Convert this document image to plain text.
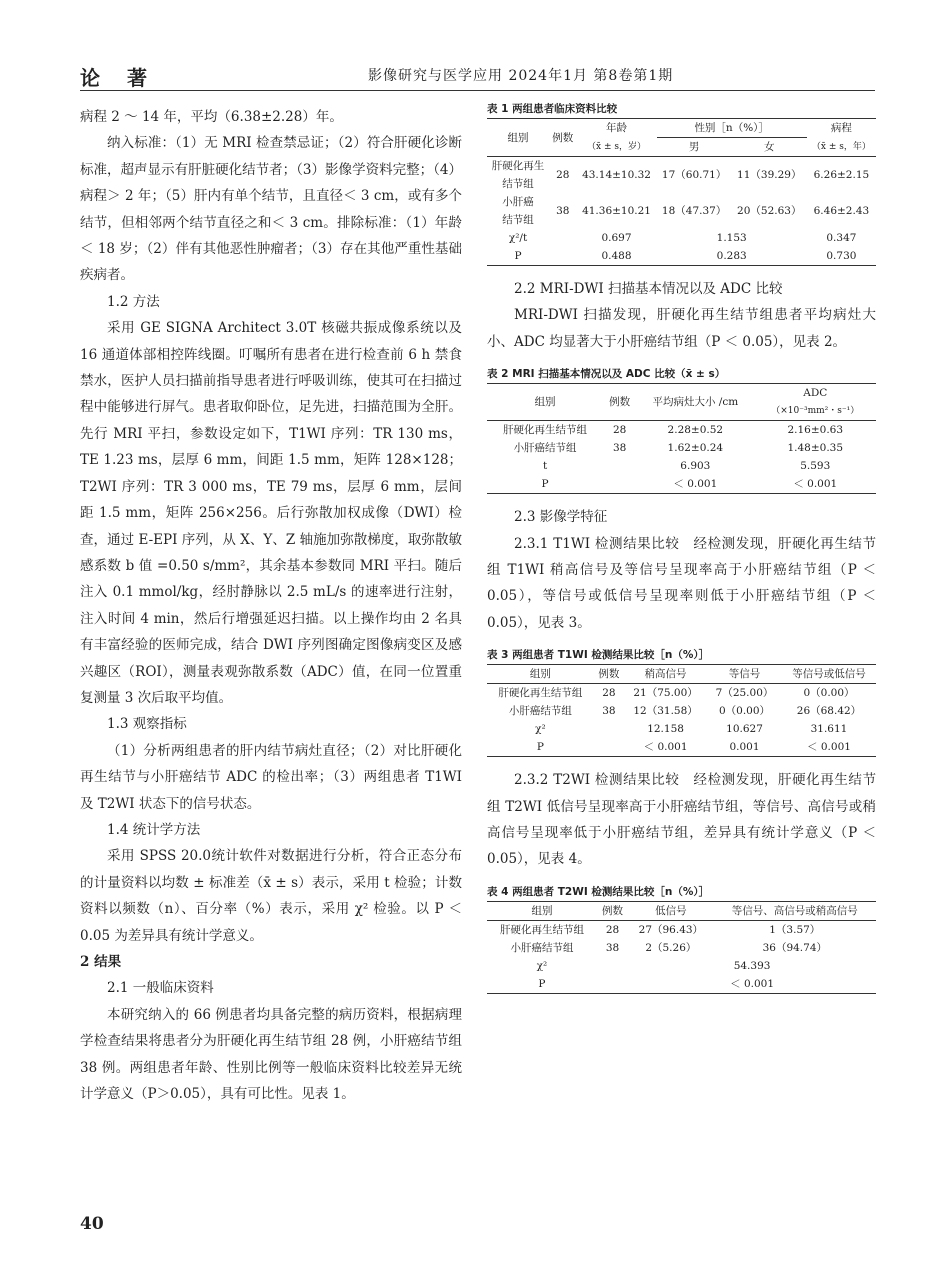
论 著	影像研究与医学应用 2024年1月 第8卷第1期

病程 2 ～ 14 年，平均（6.38±2.28）年。

纳入标准：（1）无 MRI 检查禁忌证；（2）符合肝硬化诊断标准，超声显示有肝脏硬化结节者；（3）影像学资料完整；（4）病程＞ 2 年；（5）肝内有单个结节，且直径＜ 3 cm，或有多个结节，但相邻两个结节直径之和＜ 3 cm。排除标准：（1）年龄＜ 18 岁；（2）伴有其他恶性肿瘤者；（3）存在其他严重性基础疾病者。

1.2 方法

采用 GE SIGNA Architect 3.0T 核磁共振成像系统以及 16 通道体部相控阵线圈。叮嘱所有患者在进行检查前 6 h 禁食禁水，医护人员扫描前指导患者进行呼吸训练，使其可在扫描过程中能够进行屏气。患者取仰卧位，足先进，扫描范围为全肝。先行 MRI 平扫，参数设定如下，T1WI 序列：TR 130 ms，TE 1.23 ms，层厚 6 mm，间距 1.5 mm，矩阵 128×128；T2WI 序列：TR 3 000 ms，TE 79 ms，层厚 6 mm，层间距 1.5 mm，矩阵 256×256。后行弥散加权成像（DWI）检查，通过 E-EPI 序列，从 X、Y、Z 轴施加弥散梯度，取弥散敏感系数 b 值 =0.50 s/mm²，其余基本参数同 MRI 平扫。随后注入 0.1 mmol/kg，经肘静脉以 2.5 mL/s 的速率进行注射，注入时间 4 min，然后行增强延迟扫描。以上操作均由 2 名具有丰富经验的医师完成，结合 DWI 序列图确定图像病变区及感兴趣区（ROI），测量表观弥散系数（ADC）值，在同一位置重复测量 3 次后取平均值。

1.3 观察指标

（1）分析两组患者的肝内结节病灶直径；（2）对比肝硬化再生结节与小肝癌结节 ADC 的检出率；（3）两组患者 T1WI 及 T2WI 状态下的信号状态。

1.4 统计学方法

采用 SPSS 20.0统计软件对数据进行分析，符合正态分布的计量资料以均数 ± 标准差（x̄ ± s）表示，采用 t 检验；计数资料以频数（n）、百分率（%）表示，采用 χ² 检验。以 P ＜ 0.05 为差异具有统计学意义。

2 结果

2.1 一般临床资料

本研究纳入的 66 例患者均具备完整的病历资料，根据病理学检查结果将患者分为肝硬化再生结节组 28 例，小肝癌结节组 38 例。两组患者年龄、性别比例等一般临床资料比较差异无统计学意义（P＞0.05），具有可比性。见表 1。

表 1 两组患者临床资料比较

组别	例数	年龄	性别［n（%）］		病程
		（x̄ ± s，岁）	男	女	（x̄ ± s，年）
肝硬化再生
结节组	28	43.14±10.32	17（60.71）	11（39.29）	6.26±2.15
小肝癌
结节组	38	41.36±10.21	18（47.37）	20（52.63）	6.46±2.43
χ²/t		0.697	1.153		0.347
P		0.488	0.283		0.730

2.2 MRI-DWI 扫描基本情况以及 ADC 比较

MRI-DWI 扫描发现，肝硬化再生结节组患者平均病灶大小、ADC 均显著大于小肝癌结节组（P ＜ 0.05），见表 2。

表 2 MRI 扫描基本情况以及 ADC 比较（x̄ ± s）

组别	例数	平均病灶大小 /cm	ADC
			（×10⁻³mm²・s⁻¹）
肝硬化再生结节组	28	2.28±0.52	2.16±0.63
小肝癌结节组	38	1.62±0.24	1.48±0.35
t		6.903	5.593
P		＜ 0.001	＜ 0.001

2.3 影像学特征

2.3.1 T1WI 检测结果比较　经检测发现，肝硬化再生结节组 T1WI 稍高信号及等信号呈现率高于小肝癌结节组（P ＜ 0.05），等信号或低信号呈现率则低于小肝癌结节组（P ＜ 0.05），见表 3。

表 3 两组患者 T1WI 检测结果比较［n（%）］

组别	例数	稍高信号	等信号	等信号或低信号
肝硬化再生结节组	28	21（75.00）	7（25.00）	0（0.00）
小肝癌结节组	38	12（31.58）	0（0.00）	26（68.42）
χ²		12.158	10.627	31.611
P		＜ 0.001	0.001	＜ 0.001

2.3.2 T2WI 检测结果比较　经检测发现，肝硬化再生结节组 T2WI 低信号呈现率高于小肝癌结节组，等信号、高信号或稍高信号呈现率低于小肝癌结节组，差异具有统计学意义（P ＜ 0.05），见表 4。

表 4 两组患者 T2WI 检测结果比较［n（%）］

组别	例数	低信号	等信号、高信号或稍高信号
肝硬化再生结节组	28	27（96.43）	1（3.57）
小肝癌结节组	38	2（5.26）	36（94.74）
χ²		54.393	
P		＜ 0.001	
40
